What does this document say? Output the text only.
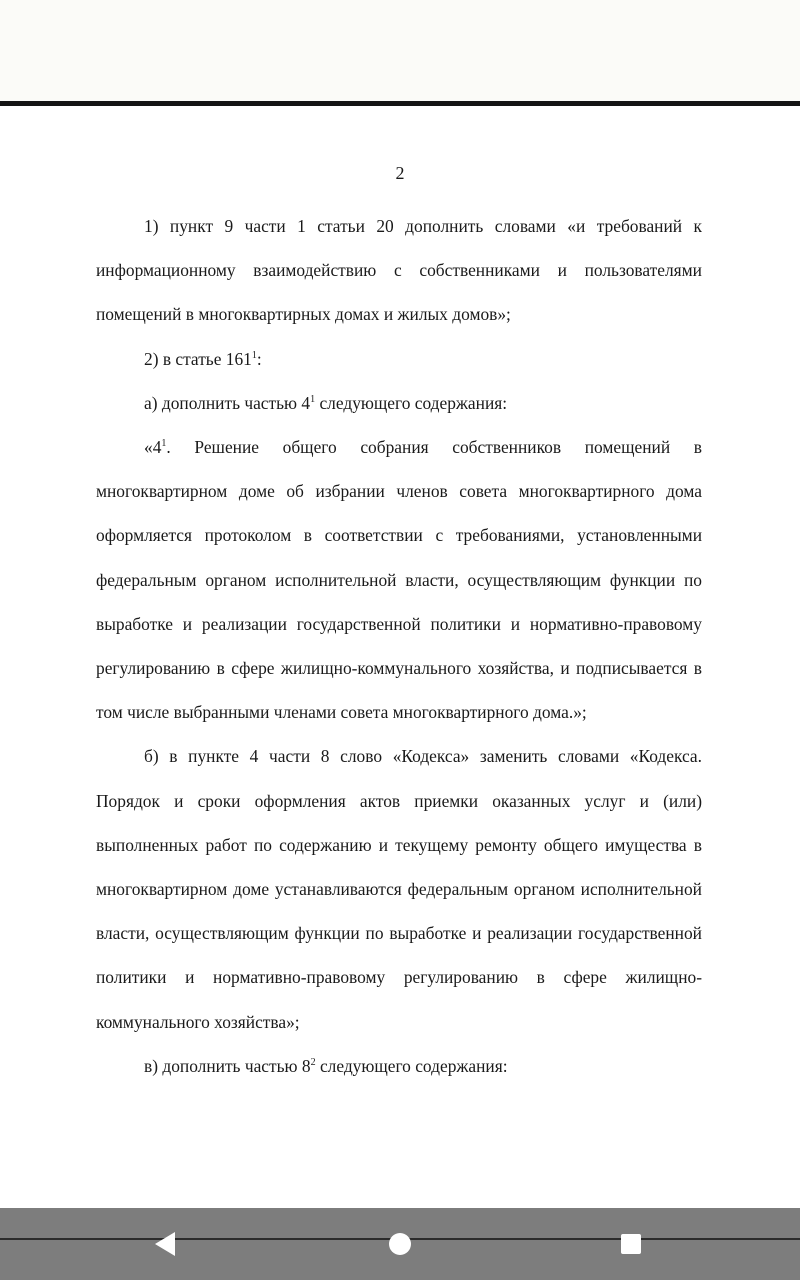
2

1) пункт 9 части 1 статьи 20 дополнить словами «и требований к информационному взаимодействию с собственниками и пользователями помещений в многоквартирных домах и жилых домов»;

2) в статье $161^1$:

а) дополнить частью $4^1$ следующего содержания:

«$4^1$. Решение общего собрания собственников помещений в многоквартирном доме об избрании членов совета многоквартирного дома оформляется протоколом в соответствии с требованиями, установленными федеральным органом исполнительной власти, осуществляющим функции по выработке и реализации государственной политики и нормативно-правовому регулированию в сфере жилищно-коммунального хозяйства, и подписывается в том числе выбранными членами совета многоквартирного дома.»;

б) в пункте 4 части 8 слово «Кодекса» заменить словами «Кодекса. Порядок и сроки оформления актов приемки оказанных услуг и (или) выполненных работ по содержанию и текущему ремонту общего имущества в многоквартирном доме устанавливаются федеральным органом исполнительной власти, осуществляющим функции по выработке и реализации государственной политики и нормативно-правовому регулированию в сфере жилищно-коммунального хозяйства»;

в) дополнить частью $8^2$ следующего содержания:
